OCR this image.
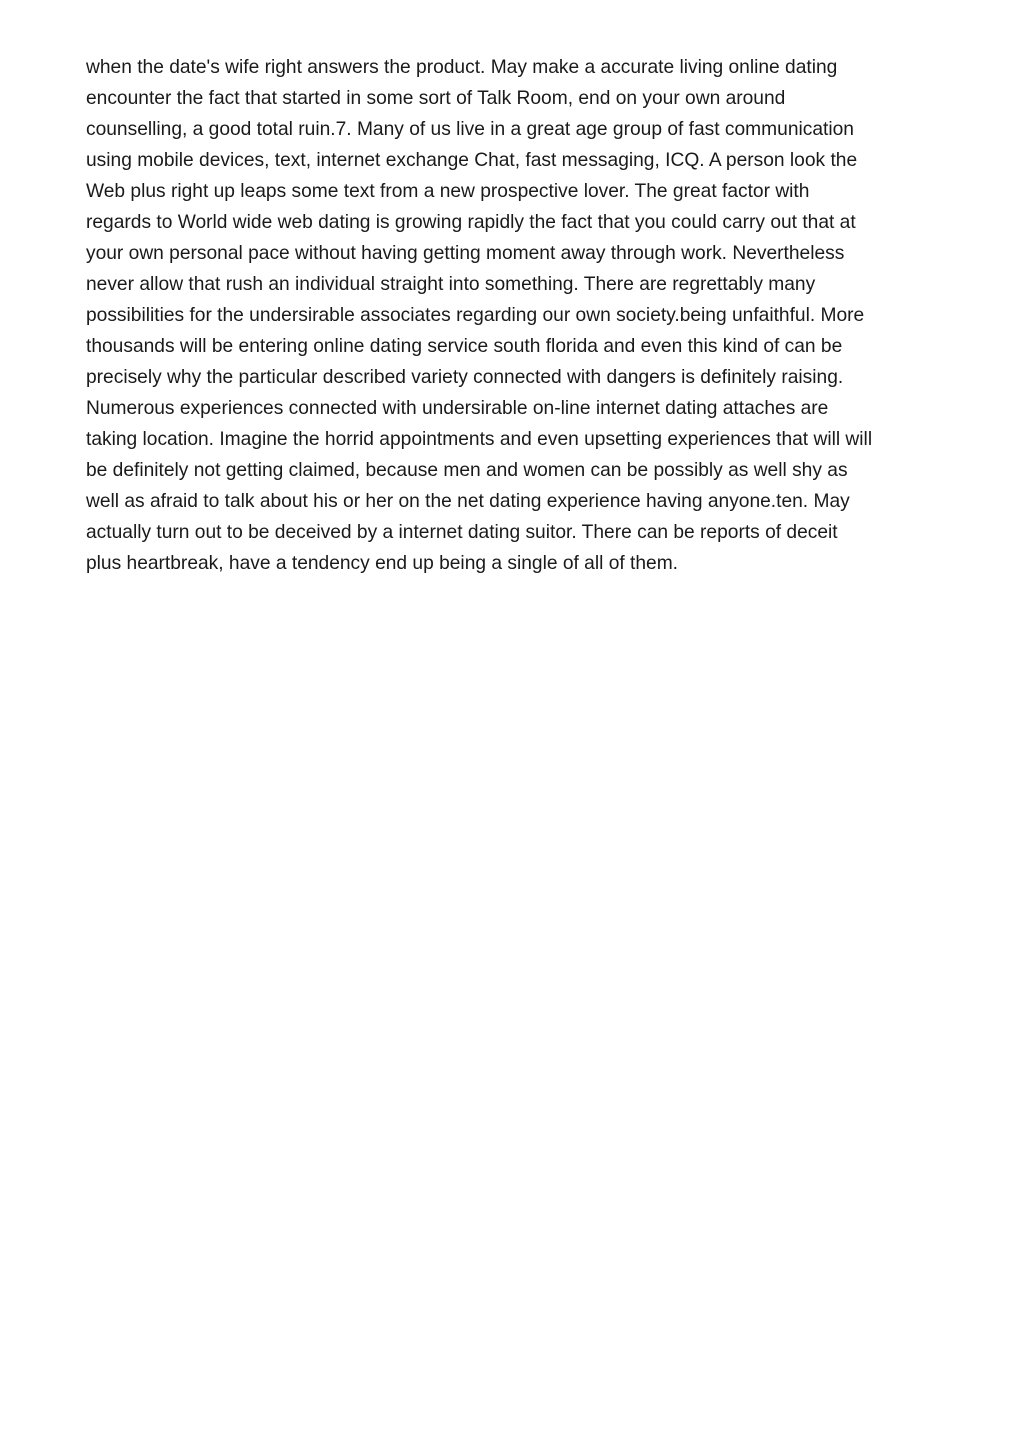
when the date's wife right answers the product. May make a accurate living online dating
encounter the fact that started in some sort of Talk Room, end on your own around
counselling, a good total ruin.7. Many of us live in a great age group of fast communication
using mobile devices, text, internet exchange Chat, fast messaging, ICQ. A person look the
Web plus right up leaps some text from a new prospective lover. The great factor with
regards to World wide web dating is growing rapidly the fact that you could carry out that at
your own personal pace without having getting moment away through work. Nevertheless
never allow that rush an individual straight into something. There are regrettably many
possibilities for the undersirable associates regarding our own society.being unfaithful. More
thousands will be entering online dating service south florida and even this kind of can be
precisely why the particular described variety connected with dangers is definitely raising.
Numerous experiences connected with undersirable on-line internet dating attaches are
taking location. Imagine the horrid appointments and even upsetting experiences that will will
be definitely not getting claimed, because men and women can be possibly as well shy as
well as afraid to talk about his or her on the net dating experience having anyone.ten. May
actually turn out to be deceived by a internet dating suitor. There can be reports of deceit
plus heartbreak, have a tendency end up being a single of all of them.
